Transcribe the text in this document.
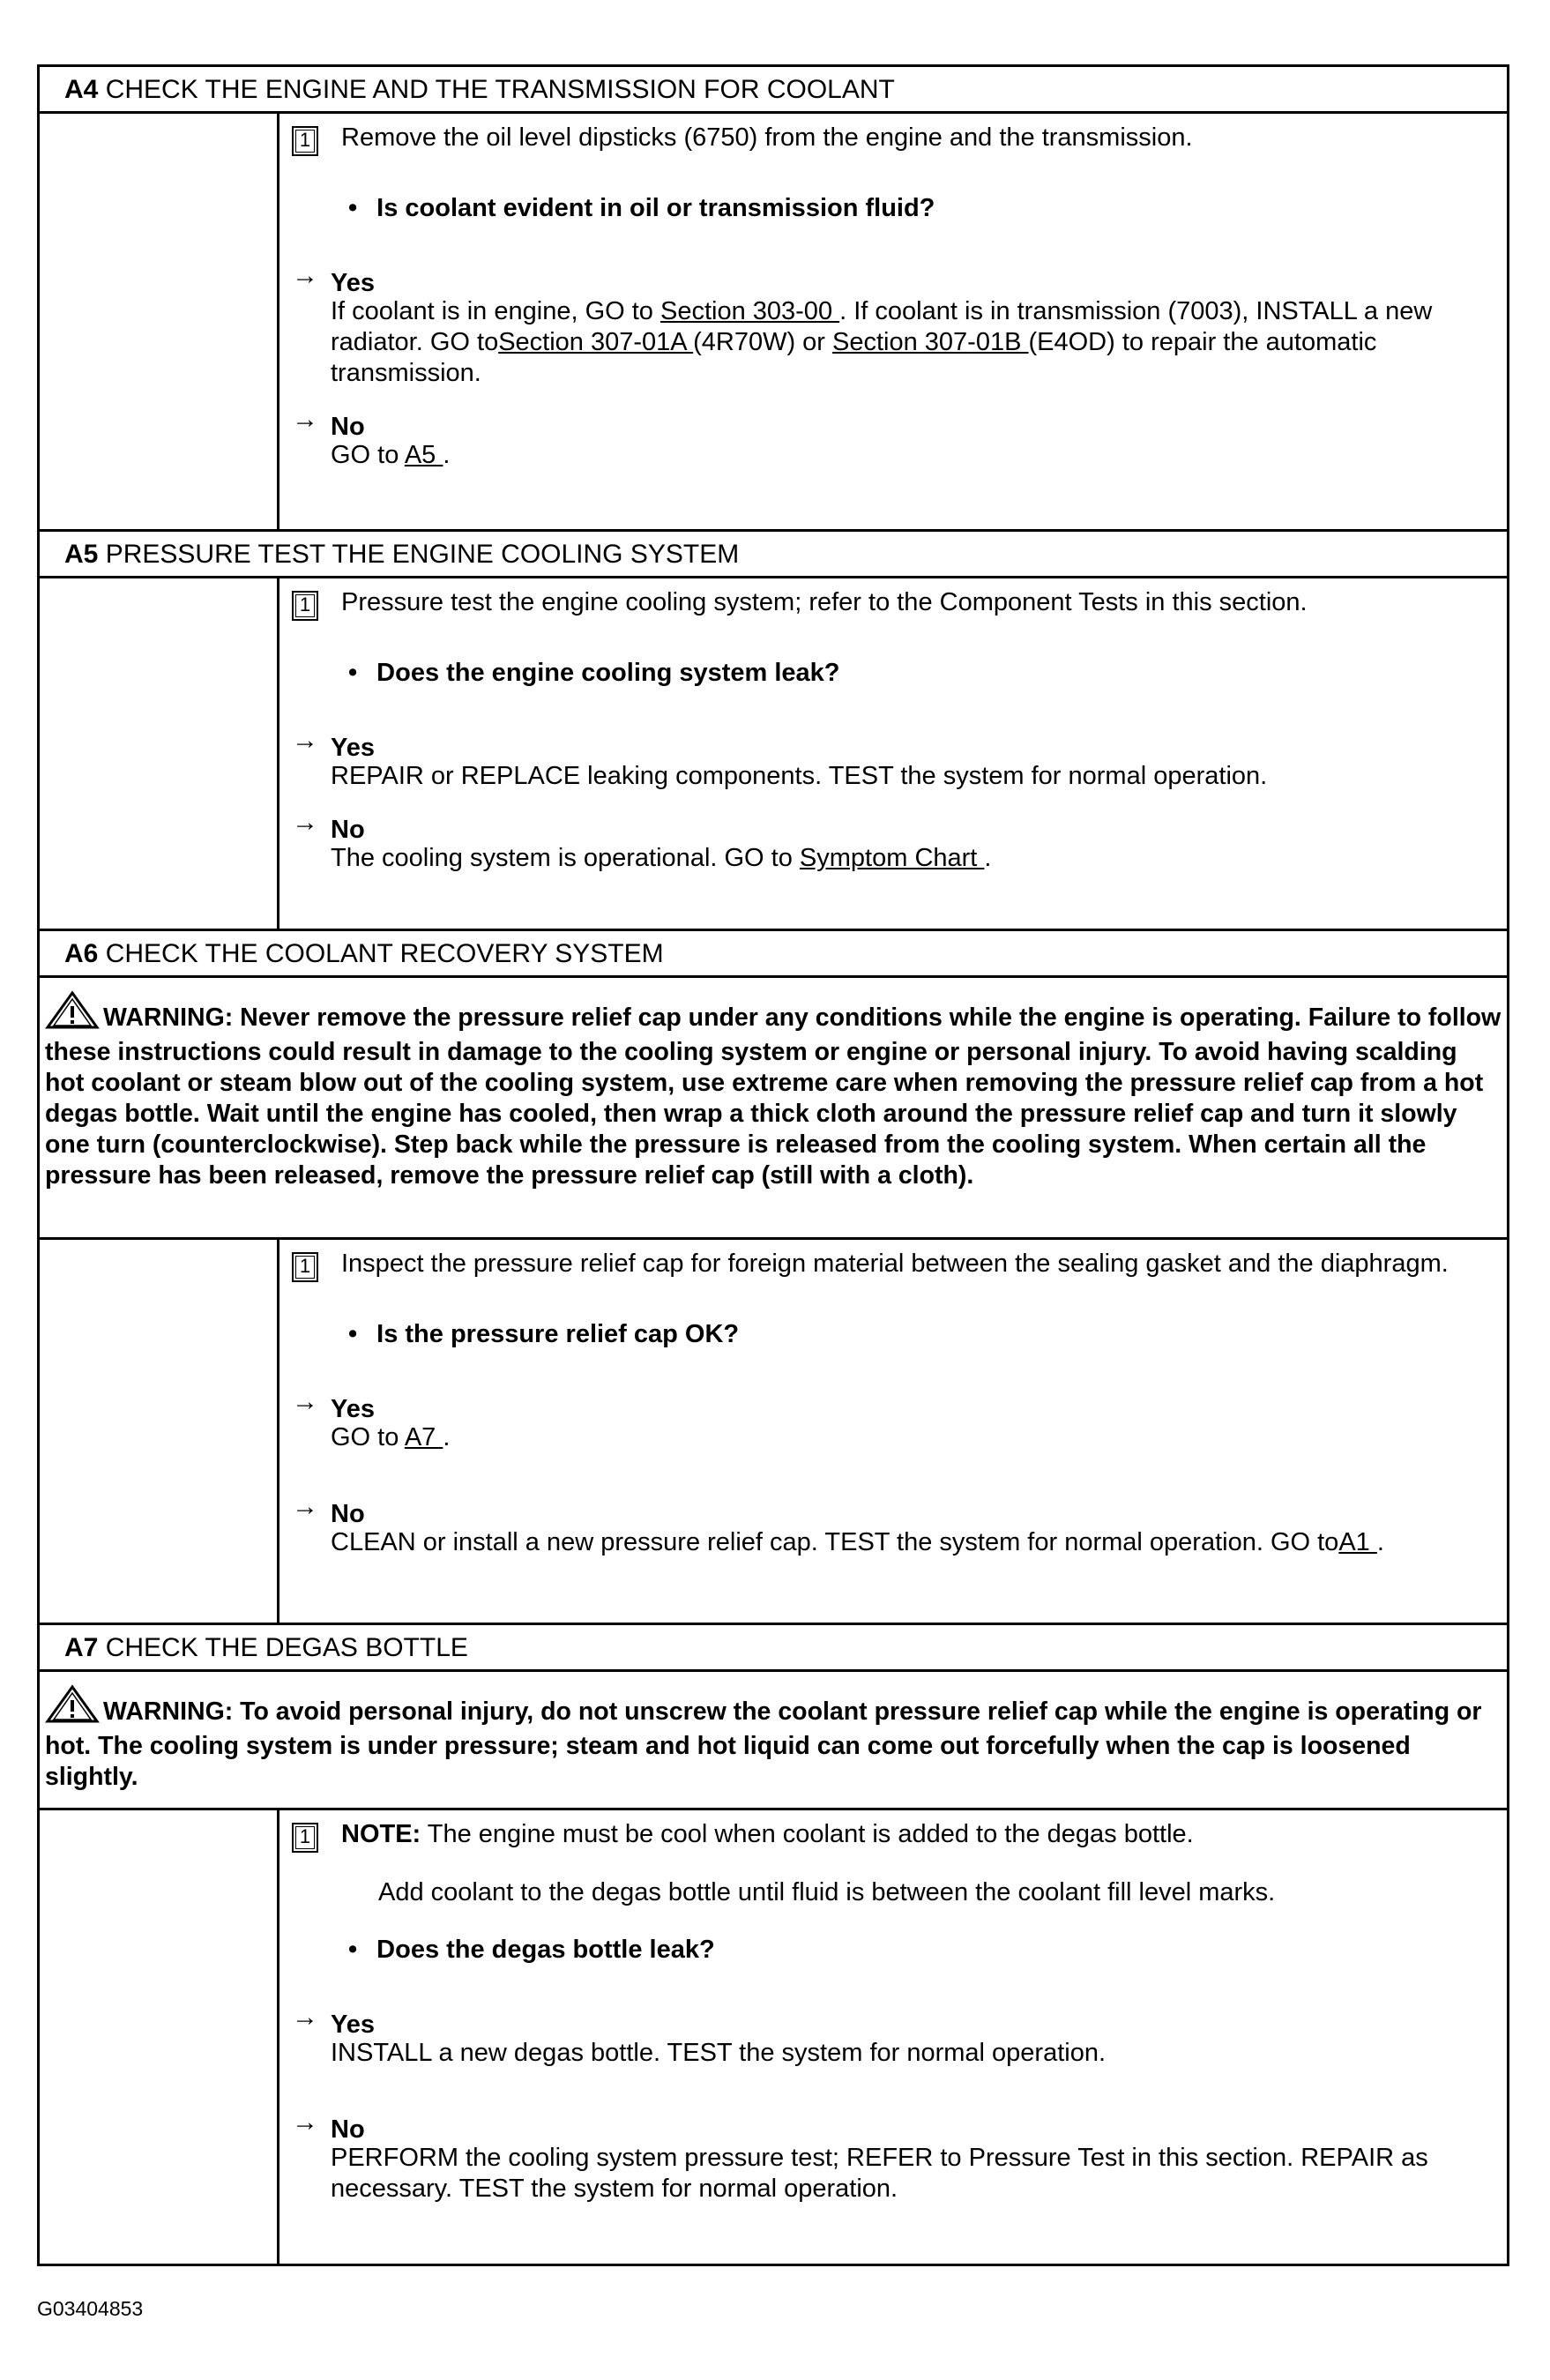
A4 CHECK THE ENGINE AND THE TRANSMISSION FOR COOLANT
1	Remove the oil level dipsticks (6750) from the engine and the transmission.
• Is coolant evident in oil or transmission fluid?
→ Yes
If coolant is in engine, GO to Section 303-00 . If coolant is in transmission (7003), INSTALL a new radiator. GO toSection 307-01A (4R70W) or Section 307-01B (E4OD) to repair the automatic transmission.
→ No
GO to A5 .
A5 PRESSURE TEST THE ENGINE COOLING SYSTEM
1	Pressure test the engine cooling system; refer to the Component Tests in this section.
• Does the engine cooling system leak?
→ Yes
REPAIR or REPLACE leaking components. TEST the system for normal operation.
→ No
The cooling system is operational. GO to Symptom Chart .
A6 CHECK THE COOLANT RECOVERY SYSTEM
WARNING: Never remove the pressure relief cap under any conditions while the engine is operating. Failure to follow these instructions could result in damage to the cooling system or engine or personal injury. To avoid having scalding hot coolant or steam blow out of the cooling system, use extreme care when removing the pressure relief cap from a hot degas bottle. Wait until the engine has cooled, then wrap a thick cloth around the pressure relief cap and turn it slowly one turn (counterclockwise). Step back while the pressure is released from the cooling system. When certain all the pressure has been released, remove the pressure relief cap (still with a cloth).
1	Inspect the pressure relief cap for foreign material between the sealing gasket and the diaphragm.
• Is the pressure relief cap OK?
→ Yes
GO to A7 .
→ No
CLEAN or install a new pressure relief cap. TEST the system for normal operation. GO toA1 .
A7 CHECK THE DEGAS BOTTLE
WARNING: To avoid personal injury, do not unscrew the coolant pressure relief cap while the engine is operating or hot. The cooling system is under pressure; steam and hot liquid can come out forcefully when the cap is loosened slightly.
1	NOTE: The engine must be cool when coolant is added to the degas bottle.
Add coolant to the degas bottle until fluid is between the coolant fill level marks.
• Does the degas bottle leak?
→ Yes
INSTALL a new degas bottle. TEST the system for normal operation.
→ No
PERFORM the cooling system pressure test; REFER to Pressure Test in this section. REPAIR as necessary. TEST the system for normal operation.
G03404853
